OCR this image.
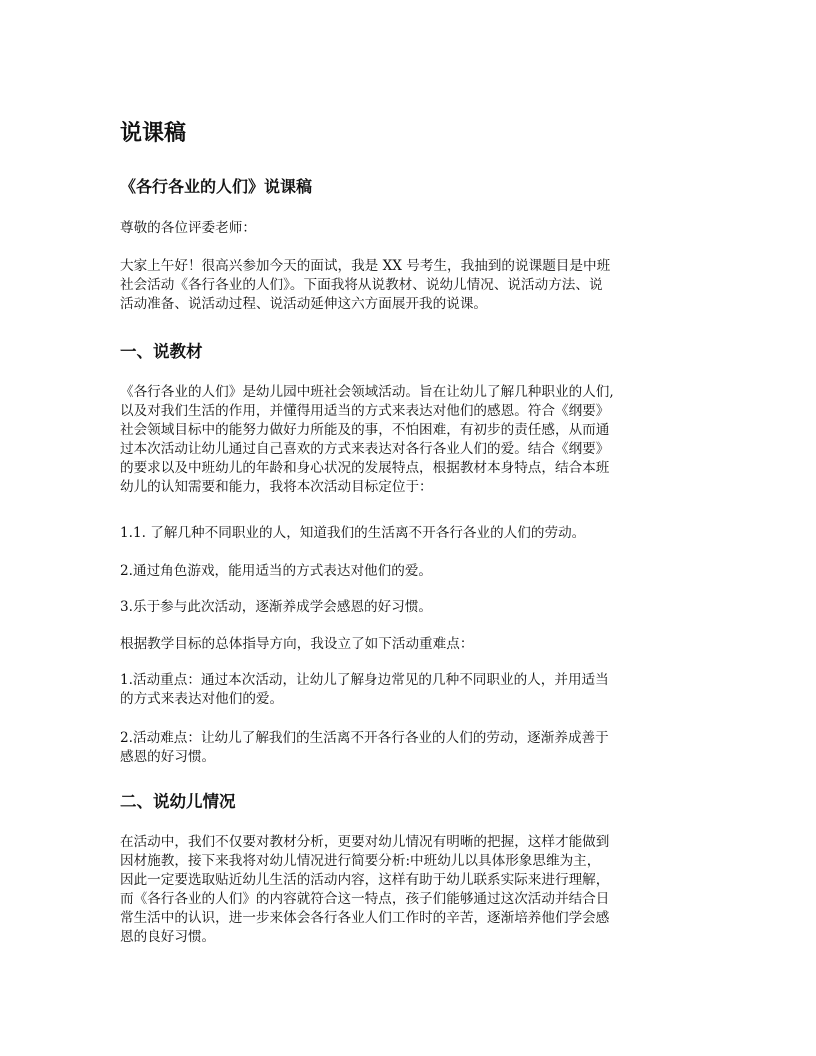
说课稿
《各行各业的人们》说课稿
尊敬的各位评委老师：
大家上午好！很高兴参加今天的面试，我是 XX 号考生，我抽到的说课题目是中班
社会活动《各行各业的人们》。下面我将从说教材、说幼儿情况、说活动方法、说
活动准备、说活动过程、说活动延伸这六方面展开我的说课。
一、说教材
《各行各业的人们》是幼儿园中班社会领域活动。旨在让幼儿了解几种职业的人们,
以及对我们生活的作用，并懂得用适当的方式来表达对他们的感恩。符合《纲要》
社会领域目标中的能努力做好力所能及的事，不怕困难，有初步的责任感，从而通
过本次活动让幼儿通过自己喜欢的方式来表达对各行各业人们的爱。结合《纲要》
的要求以及中班幼儿的年龄和身心状况的发展特点，根据教材本身特点，结合本班
幼儿的认知需要和能力，我将本次活动目标定位于：
1.1. 了解几种不同职业的人，知道我们的生活离不开各行各业的人们的劳动。
2.通过角色游戏，能用适当的方式表达对他们的爱。
3.乐于参与此次活动，逐渐养成学会感恩的好习惯。
根据教学目标的总体指导方向，我设立了如下活动重难点：
1.活动重点：通过本次活动，让幼儿了解身边常见的几种不同职业的人，并用适当
的方式来表达对他们的爱。
2.活动难点：让幼儿了解我们的生活离不开各行各业的人们的劳动，逐渐养成善于
感恩的好习惯。
二、说幼儿情况
在活动中，我们不仅要对教材分析，更要对幼儿情况有明晰的把握，这样才能做到
因材施教，接下来我将对幼儿情况进行简要分析:中班幼儿以具体形象思维为主，
因此一定要选取贴近幼儿生活的活动内容，这样有助于幼儿联系实际来进行理解，
而《各行各业的人们》的内容就符合这一特点，孩子们能够通过这次活动并结合日
常生活中的认识，进一步来体会各行各业人们工作时的辛苦，逐渐培养他们学会感
恩的良好习惯。
